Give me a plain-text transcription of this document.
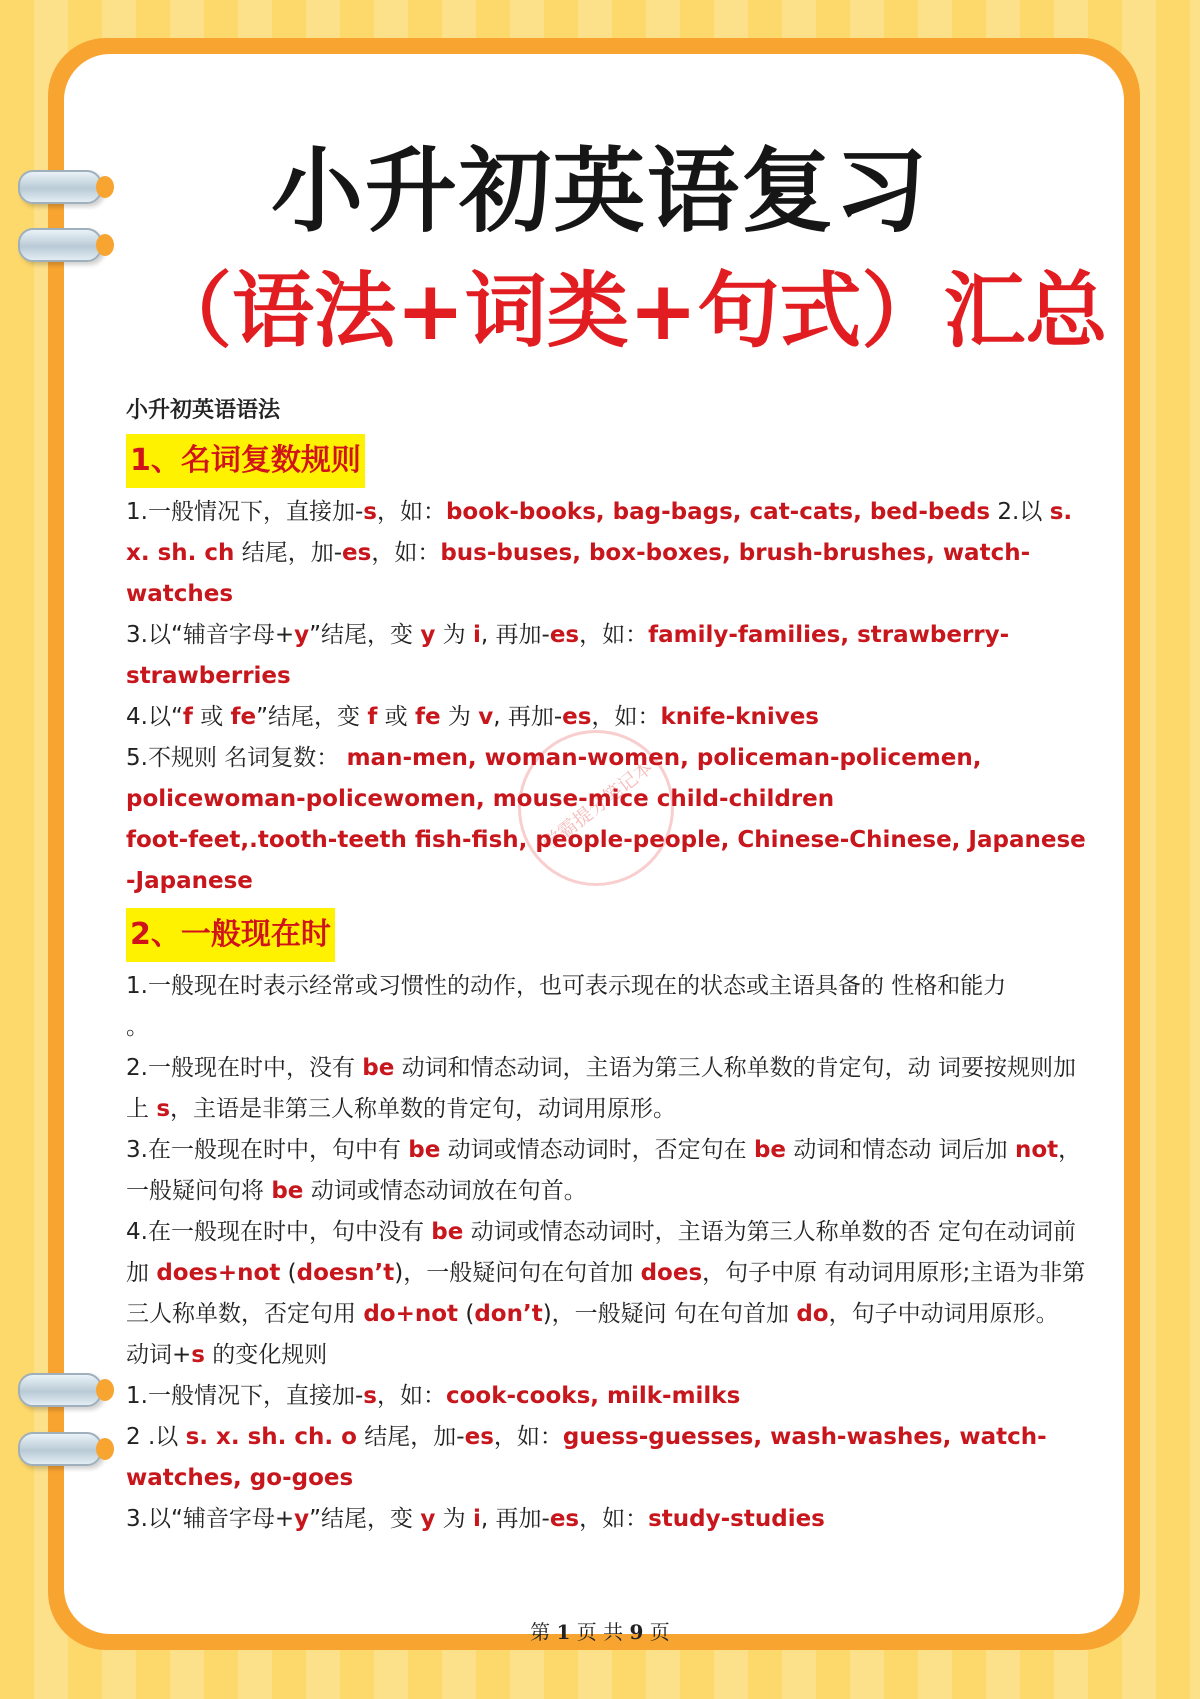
小升初英语复习
（语法+词类+句式）汇总
学霸提分笔记本

小升初英语语法

1、名词复数规则

1.一般情况下，直接加-s，如：book-books, bag-bags, cat-cats, bed-beds 2.以 s. x. sh. ch 结尾，加-es，如：bus-buses, box-boxes, brush-brushes, watch-watches

3.以“辅音字母+y”结尾，变 y 为 i, 再加-es，如：family-families, strawberry-strawberries

4.以“f 或 fe”结尾，变 f 或 fe 为 v, 再加-es，如：knife-knives

5.不规则 名词复数： man-men, woman-women, policeman-policemen,
policewoman-policewomen, mouse-mice child-children
foot-feet,.tooth-teeth fish-fish, people-people, Chinese-Chinese, Japanese
-Japanese

2、一般现在时

1.一般现在时表示经常或习惯性的动作，也可表示现在的状态或主语具备的 性格和能力
。

2.一般现在时中，没有 be 动词和情态动词，主语为第三人称单数的肯定句，动 词要按规则加上 s，主语是非第三人称单数的肯定句，动词用原形。

3.在一般现在时中，句中有 be 动词或情态动词时，否定句在 be 动词和情态动 词后加 not，一般疑问句将 be 动词或情态动词放在句首。

4.在一般现在时中，句中没有 be 动词或情态动词时，主语为第三人称单数的否 定句在动词前加 does+not (doesn’t)，一般疑问句在句首加 does，句子中原 有动词用原形;主语为非第三人称单数，否定句用 do+not (don’t)，一般疑问 句在句首加 do，句子中动词用原形。

动词+s 的变化规则

1.一般情况下，直接加-s，如：cook-cooks, milk-milks

2 .以 s. x. sh. ch. o 结尾，加-es，如：guess-guesses, wash-washes, watch-watches, go-goes

3.以“辅音字母+y”结尾，变 y 为 i, 再加-es，如：study-studies

第 1 页 共 9 页
